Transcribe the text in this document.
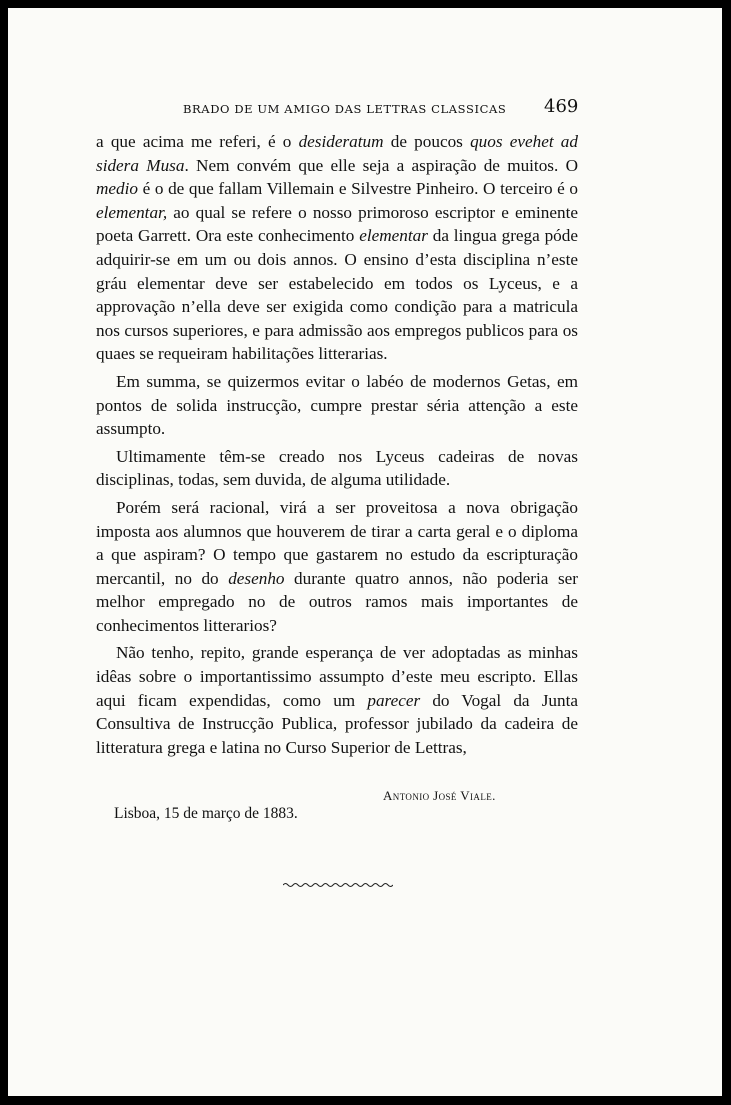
BRADO DE UM AMIGO DAS LETTRAS CLASSICAS 469

a que acima me referi, é o desideratum de poucos quos evehet ad sidera Musa. Nem convém que elle seja a aspiração de muitos. O medio é o de que fallam Villemain e Silvestre Pinheiro. O terceiro é o elementar, ao qual se refere o nosso primoroso escriptor e eminente poeta Garrett. Ora este conhecimento elementar da lingua grega póde adquirir-se em um ou dois annos. O ensino d’esta disciplina n’este gráu elementar deve ser estabelecido em todos os Lyceus, e a approvação n’ella deve ser exigida como condição para a matricula nos cursos superiores, e para admissão aos empregos publicos para os quaes se requeiram habilitações litterarias.

Em summa, se quizermos evitar o labéo de modernos Getas, em pontos de solida instrucção, cumpre prestar séria attenção a este assumpto.

Ultimamente têm-se creado nos Lyceus cadeiras de novas disciplinas, todas, sem duvida, de alguma utilidade.

Porém será racional, virá a ser proveitosa a nova obrigação imposta aos alumnos que houverem de tirar a carta geral e o diploma a que aspiram? O tempo que gastarem no estudo da escripturação mercantil, no do desenho durante quatro annos, não poderia ser melhor empregado no de outros ramos mais importantes de conhecimentos litterarios?

Não tenho, repito, grande esperança de ver adoptadas as minhas idêas sobre o importantissimo assumpto d’este meu escripto. Ellas aqui ficam expendidas, como um parecer do Vogal da Junta Consultiva de Instrucção Publica, professor jubilado da cadeira de litteratura grega e latina no Curso Superior de Lettras,

Antonio José Viale.
Lisboa, 15 de março de 1883.
